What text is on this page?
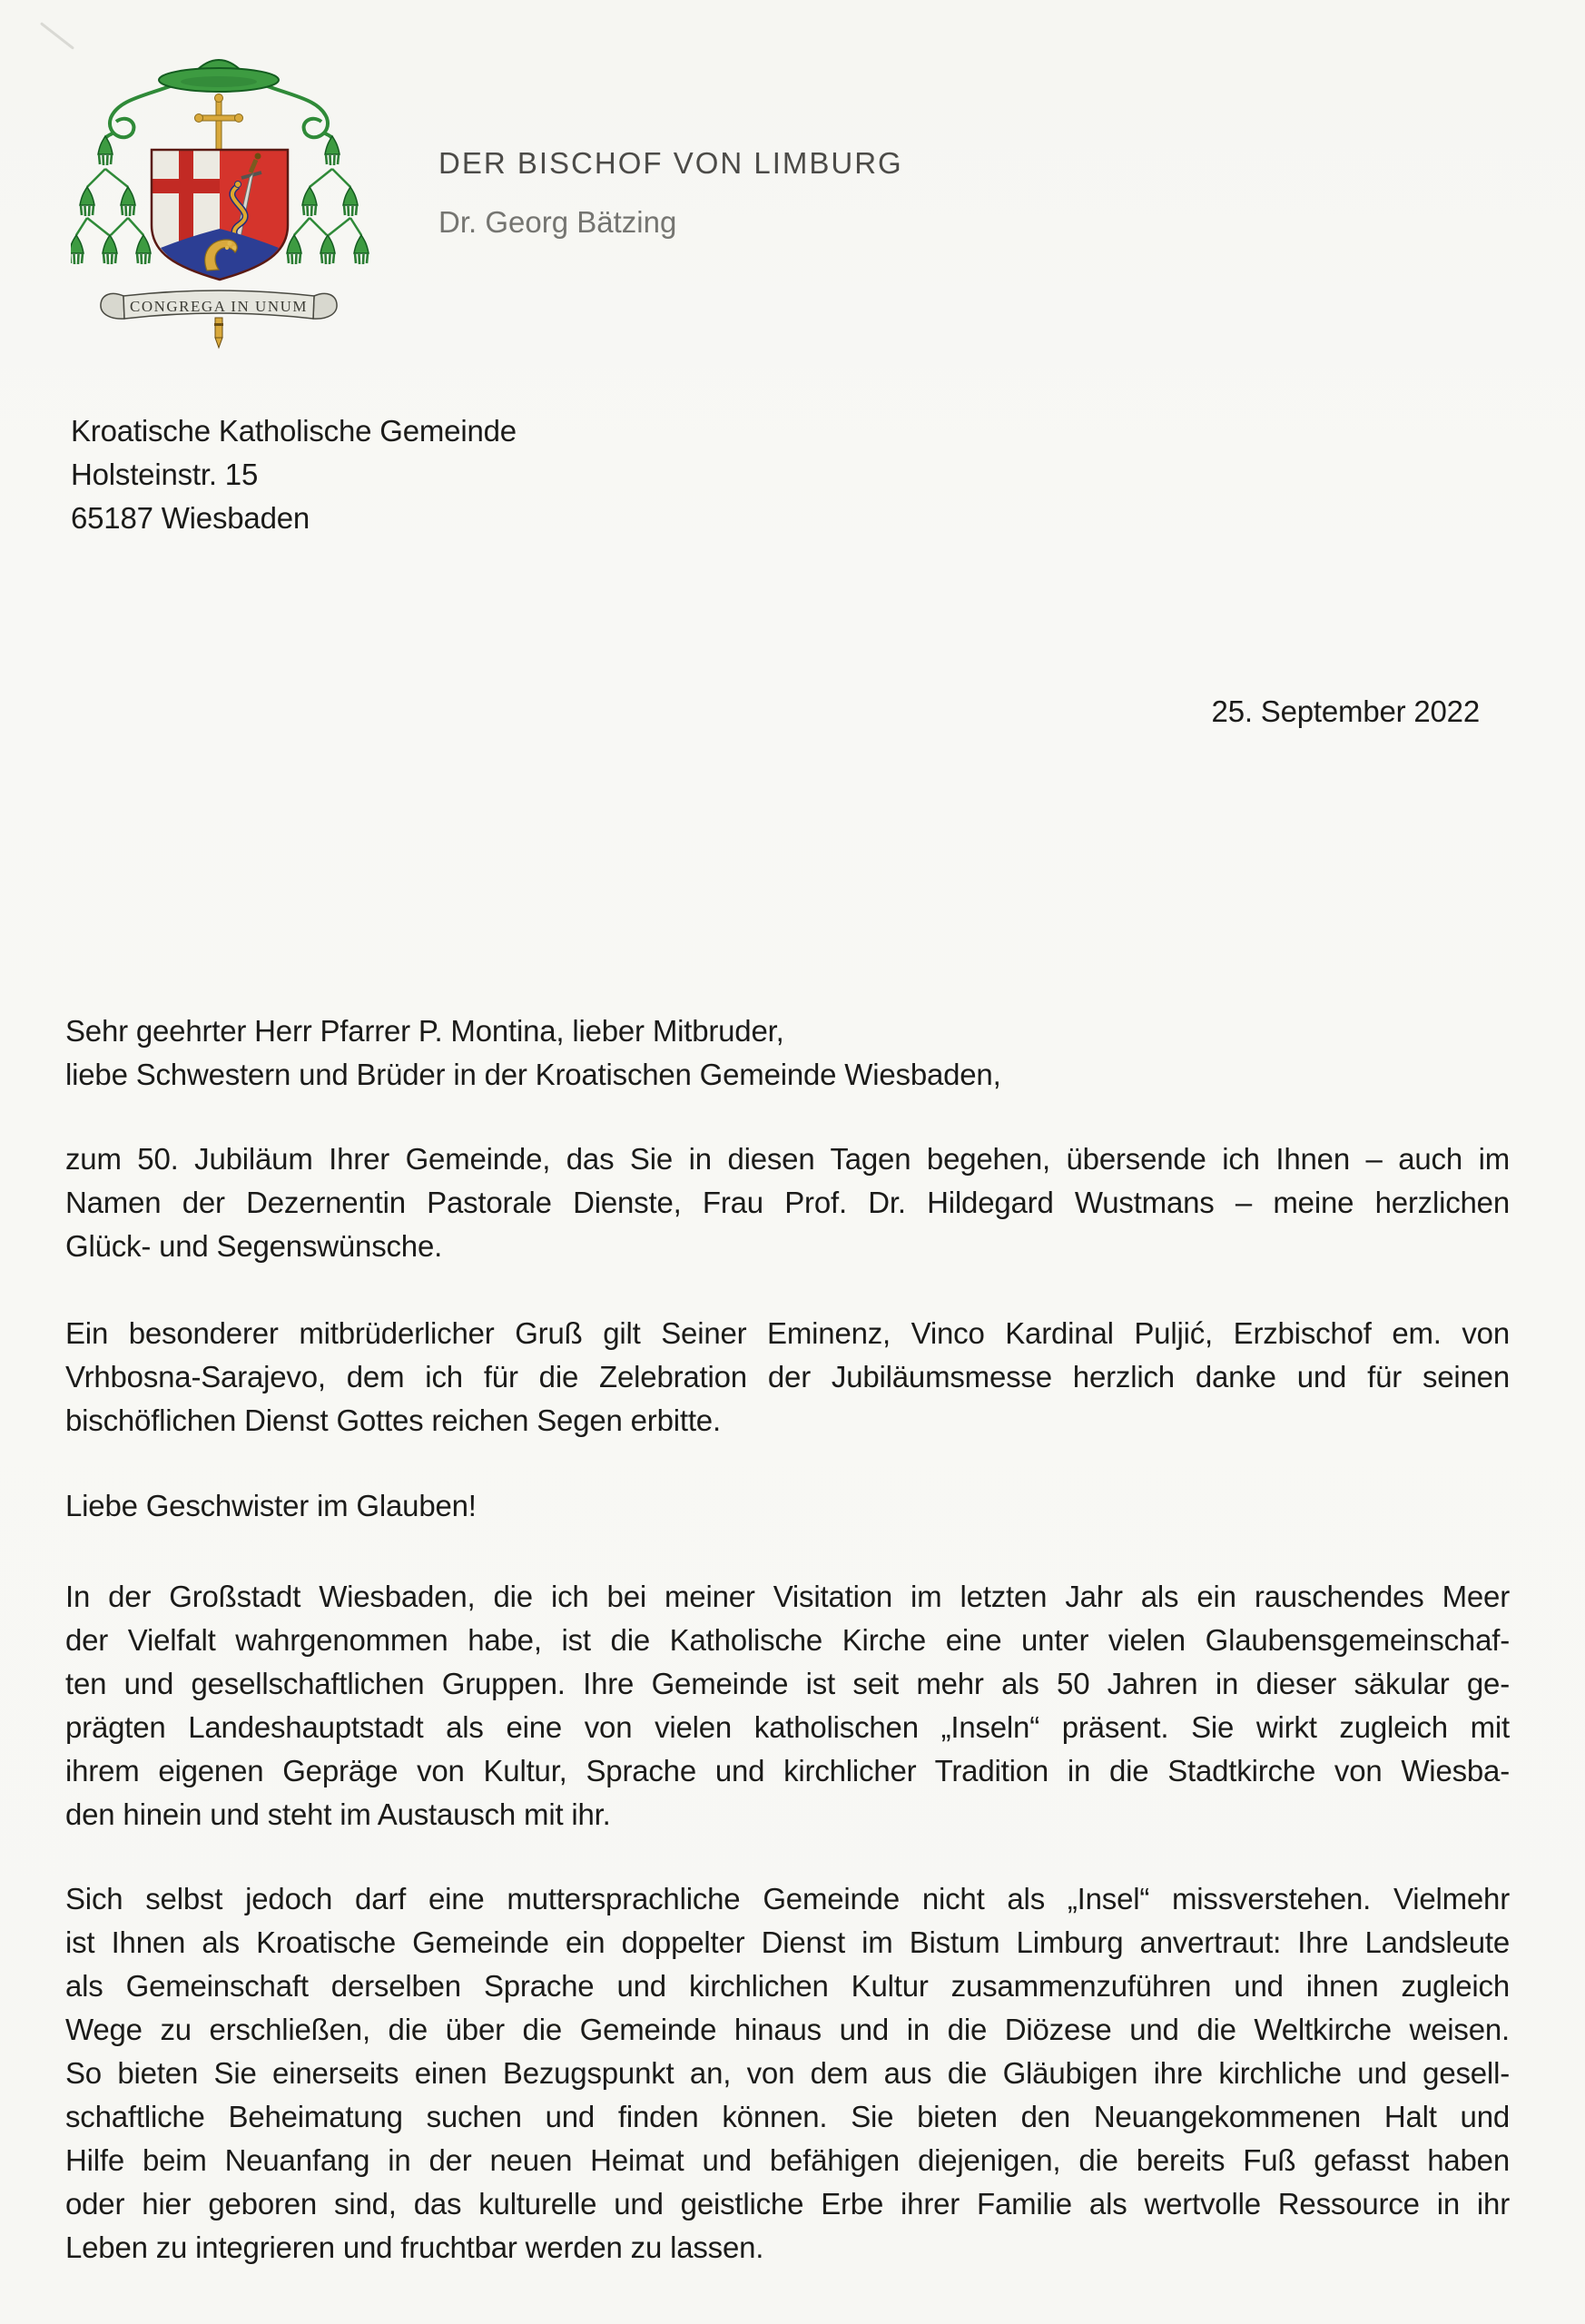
CONGREGA IN UNUM
DER BISCHOF VON LIMBURG
Dr. Georg Bätzing
Kroatische Katholische Gemeinde
Holsteinstr. 15
65187 Wiesbaden
25. September 2022
Sehr geehrter Herr Pfarrer P. Montina, lieber Mitbruder,
liebe Schwestern und Brüder in der Kroatischen Gemeinde Wiesbaden,
zum 50. Jubiläum Ihrer Gemeinde, das Sie in diesen Tagen begehen, übersende ich Ihnen – auch im
Namen der Dezernentin Pastorale Dienste, Frau Prof. Dr. Hildegard Wustmans – meine herzlichen
Glück- und Segenswünsche.
Ein besonderer mitbrüderlicher Gruß gilt Seiner Eminenz, Vinco Kardinal Puljić, Erzbischof em. von
Vrhbosna-Sarajevo, dem ich für die Zelebration der Jubiläumsmesse herzlich danke und für seinen
bischöflichen Dienst Gottes reichen Segen erbitte.
Liebe Geschwister im Glauben!
In der Großstadt Wiesbaden, die ich bei meiner Visitation im letzten Jahr als ein rauschendes Meer
der Vielfalt wahrgenommen habe, ist die Katholische Kirche eine unter vielen Glaubensgemeinschaf-
ten und gesellschaftlichen Gruppen. Ihre Gemeinde ist seit mehr als 50 Jahren in dieser säkular ge-
prägten Landeshauptstadt als eine von vielen katholischen „Inseln“ präsent. Sie wirkt zugleich mit
ihrem eigenen Gepräge von Kultur, Sprache und kirchlicher Tradition in die Stadtkirche von Wiesba-
den hinein und steht im Austausch mit ihr.
Sich selbst jedoch darf eine muttersprachliche Gemeinde nicht als „Insel“ missverstehen. Vielmehr
ist Ihnen als Kroatische Gemeinde ein doppelter Dienst im Bistum Limburg anvertraut: Ihre Landsleute
als Gemeinschaft derselben Sprache und kirchlichen Kultur zusammenzuführen und ihnen zugleich
Wege zu erschließen, die über die Gemeinde hinaus und in die Diözese und die Weltkirche weisen.
So bieten Sie einerseits einen Bezugspunkt an, von dem aus die Gläubigen ihre kirchliche und gesell-
schaftliche Beheimatung suchen und finden können. Sie bieten den Neuangekommenen Halt und
Hilfe beim Neuanfang in der neuen Heimat und befähigen diejenigen, die bereits Fuß gefasst haben
oder hier geboren sind, das kulturelle und geistliche Erbe ihrer Familie als wertvolle Ressource in ihr
Leben zu integrieren und fruchtbar werden zu lassen.
